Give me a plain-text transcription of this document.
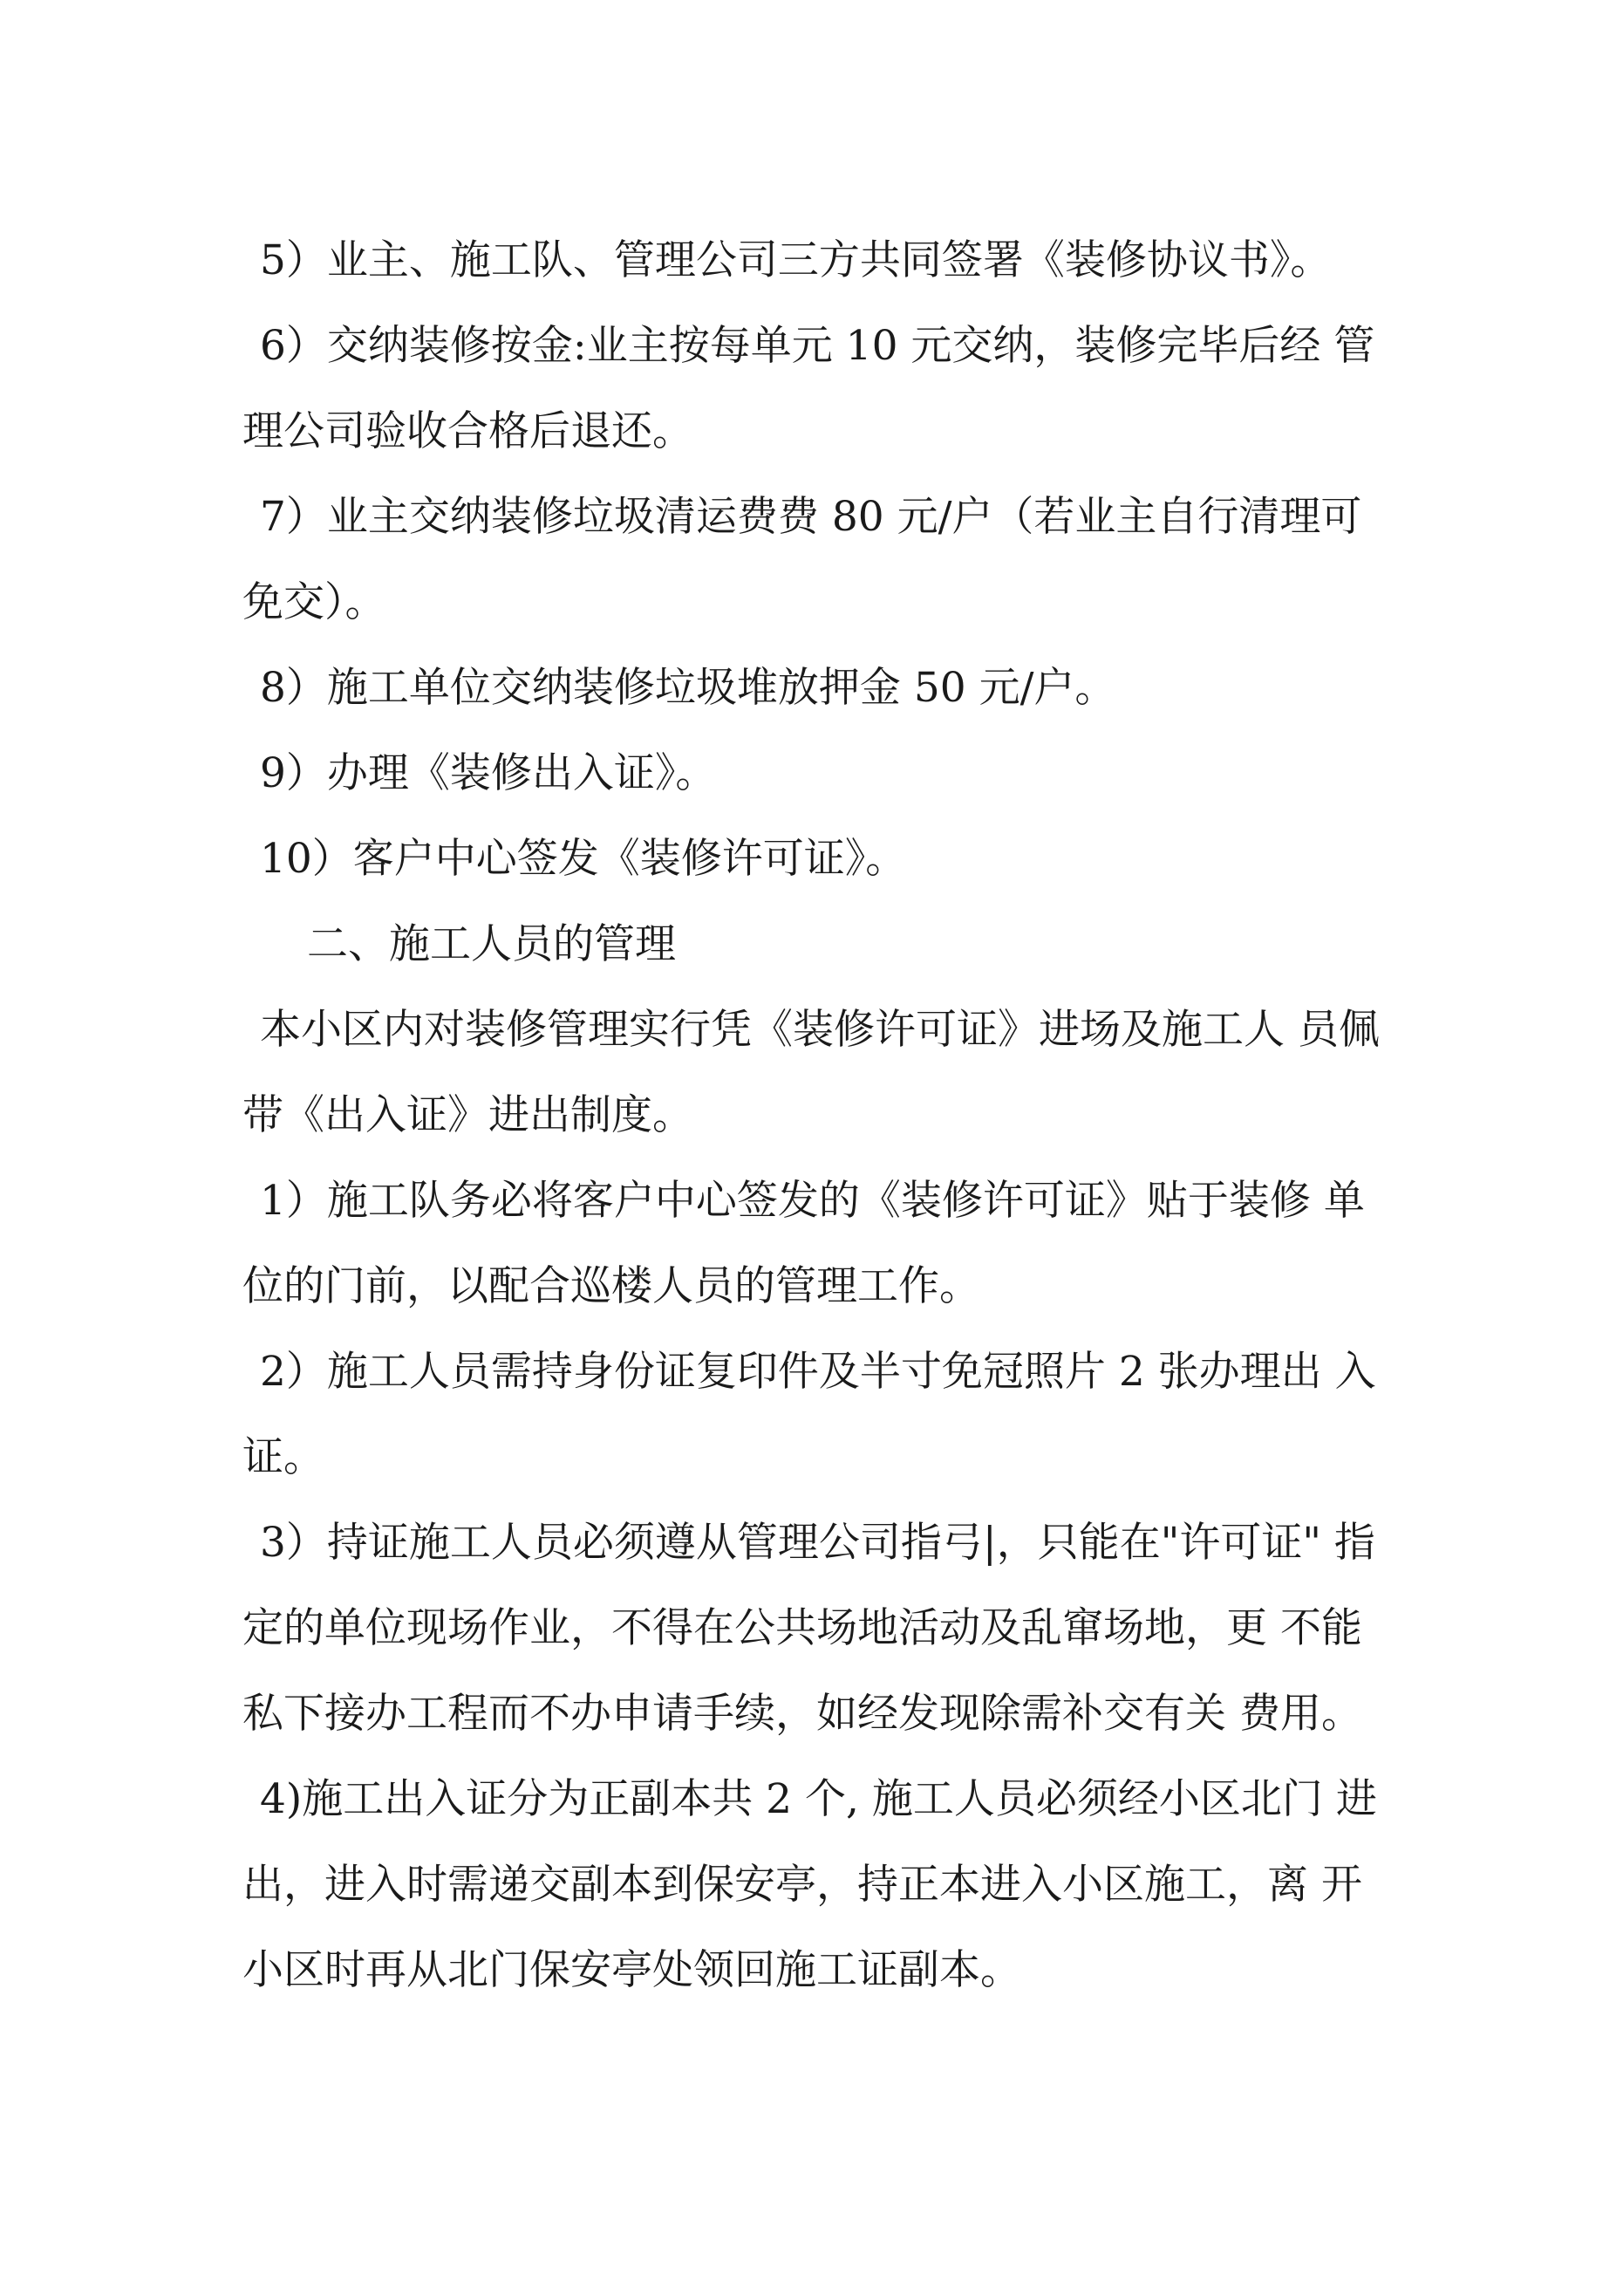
5）业主、施工队、管理公司三方共同签署《装修协议书》。
6）交纳装修按金:业主按每单元 10 元交纳，装修完毕后经 管
理公司验收合格后退还。
7）业主交纳装修垃圾清运费费 80 元/户（若业主自行清理可
免交）。
8）施工单位交纳装修垃圾堆放押金 50 元/户。
9）办理《装修出入证》。
10）客户中心签发《装修许可证》。
二、施工人员的管理
本小区内对装修管理实行凭《装修许可证》进场及施工人 员佩
带《出入证》进出制度。
1）施工队务必将客户中心签发的《装修许可证》贴于装修 单
位的门前，以配合巡楼人员的管理工作。
2）施工人员需持身份证复印件及半寸免冠照片 2 张办理出 入
证。
3）持证施工人员必须遵从管理公司指弓|，只能在"许可证" 指
定的单位现场作业，不得在公共场地活动及乱窜场地，更 不能
私下接办工程而不办申请手续，如经发现除需补交有关 费用。
4)施工出入证分为正副本共 2 个, 施工人员必须经小区北门 进
出，进入时需递交副本到保安亭，持正本进入小区施工，离 开
小区时再从北门保安亭处领回施工证副本。
